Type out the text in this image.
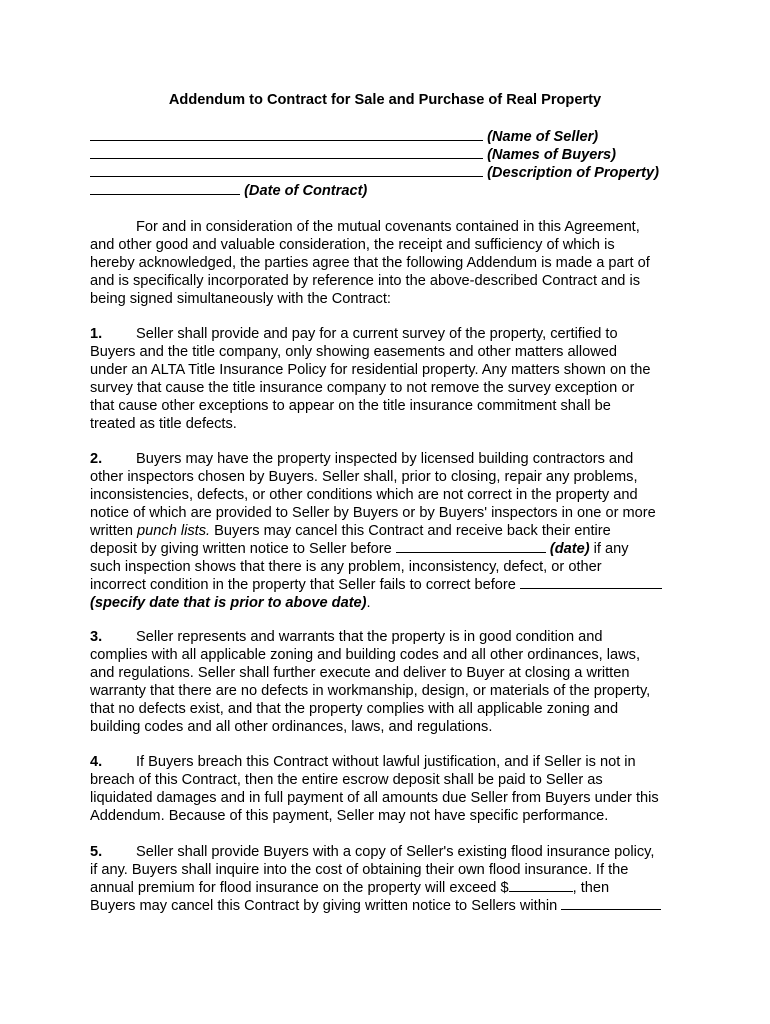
Addendum to Contract for Sale and Purchase of Real Property
(Name of Seller)
(Names of Buyers)
(Description of Property)
(Date of Contract)
For and in consideration of the mutual covenants contained in this Agreement,
and other good and valuable consideration, the receipt and sufficiency of which is
hereby acknowledged, the parties agree that the following Addendum is made a part of
and is specifically incorporated by reference into the above-described Contract and is
being signed simultaneously with the Contract:
1. Seller shall provide and pay for a current survey of the property, certified to
Buyers and the title company, only showing easements and other matters allowed
under an ALTA Title Insurance Policy for residential property. Any matters shown on the
survey that cause the title insurance company to not remove the survey exception or
that cause other exceptions to appear on the title insurance commitment shall be
treated as title defects.
2. Buyers may have the property inspected by licensed building contractors and
other inspectors chosen by Buyers. Seller shall, prior to closing, repair any problems,
inconsistencies, defects, or other conditions which are not correct in the property and
notice of which are provided to Seller by Buyers or by Buyers' inspectors in one or more
written punch lists. Buyers may cancel this Contract and receive back their entire
deposit by giving written notice to Seller before	(date) if any
such inspection shows that there is any problem, inconsistency, defect, or other
incorrect condition in the property that Seller fails to correct before
(specify date that is prior to above date).
3. Seller represents and warrants that the property is in good condition and
complies with all applicable zoning and building codes and all other ordinances, laws,
and regulations. Seller shall further execute and deliver to Buyer at closing a written
warranty that there are no defects in workmanship, design, or materials of the property,
that no defects exist, and that the property complies with all applicable zoning and
building codes and all other ordinances, laws, and regulations.
4. If Buyers breach this Contract without lawful justification, and if Seller is not in
breach of this Contract, then the entire escrow deposit shall be paid to Seller as
liquidated damages and in full payment of all amounts due Seller from Buyers under this
Addendum. Because of this payment, Seller may not have specific performance.
5. Seller shall provide Buyers with a copy of Seller's existing flood insurance policy,
if any. Buyers shall inquire into the cost of obtaining their own flood insurance. If the
annual premium for flood insurance on the property will exceed $	, then
Buyers may cancel this Contract by giving written notice to Sellers within
